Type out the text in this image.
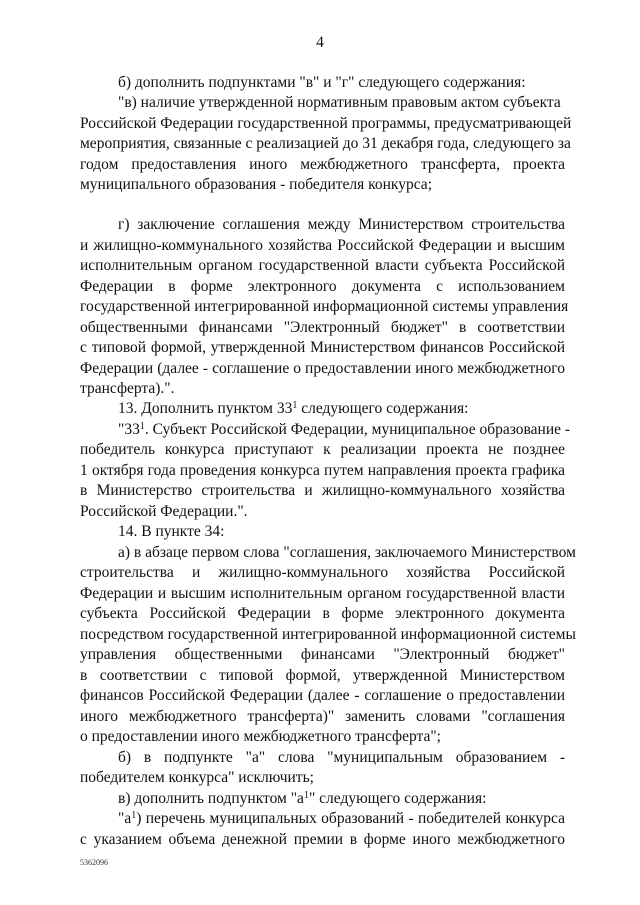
4
б) дополнить подпунктами "в" и "г" следующего содержания:
"в) наличие утвержденной нормативным правовым актом субъекта
Российской Федерации государственной программы, предусматривающей
мероприятия, связанные с реализацией до 31 декабря года, следующего за
годом предоставления иного межбюджетного трансферта, проекта
муниципального образования - победителя конкурса;
г) заключение соглашения между Министерством строительства
и жилищно-коммунального хозяйства Российской Федерации и высшим
исполнительным органом государственной власти субъекта Российской
Федерации в форме электронного документа с использованием
государственной интегрированной информационной системы управления
общественными финансами "Электронный бюджет" в соответствии
с типовой формой, утвержденной Министерством финансов Российской
Федерации (далее - соглашение о предоставлении иного межбюджетного
трансферта).".
13. Дополнить пунктом $33^1$ следующего содержания:
"$33^1$. Субъект Российской Федерации, муниципальное образование -
победитель конкурса приступают к реализации проекта не позднее
1 октября года проведения конкурса путем направления проекта графика
в Министерство строительства и жилищно-коммунального хозяйства
Российской Федерации.".
14. В пункте 34:
а) в абзаце первом слова "соглашения, заключаемого Министерством
строительства и жилищно-коммунального хозяйства Российской
Федерации и высшим исполнительным органом государственной власти
субъекта Российской Федерации в форме электронного документа
посредством государственной интегрированной информационной системы
управления общественными финансами "Электронный бюджет"
в соответствии с типовой формой, утвержденной Министерством
финансов Российской Федерации (далее - соглашение о предоставлении
иного межбюджетного трансферта)" заменить словами "соглашения
о предоставлении иного межбюджетного трансферта";
б) в подпункте "а" слова "муниципальным образованием -
победителем конкурса" исключить;
в) дополнить подпунктом "$а^1$" следующего содержания:
"$а^1$) перечень муниципальных образований - победителей конкурса
с указанием объема денежной премии в форме иного межбюджетного
5362096
